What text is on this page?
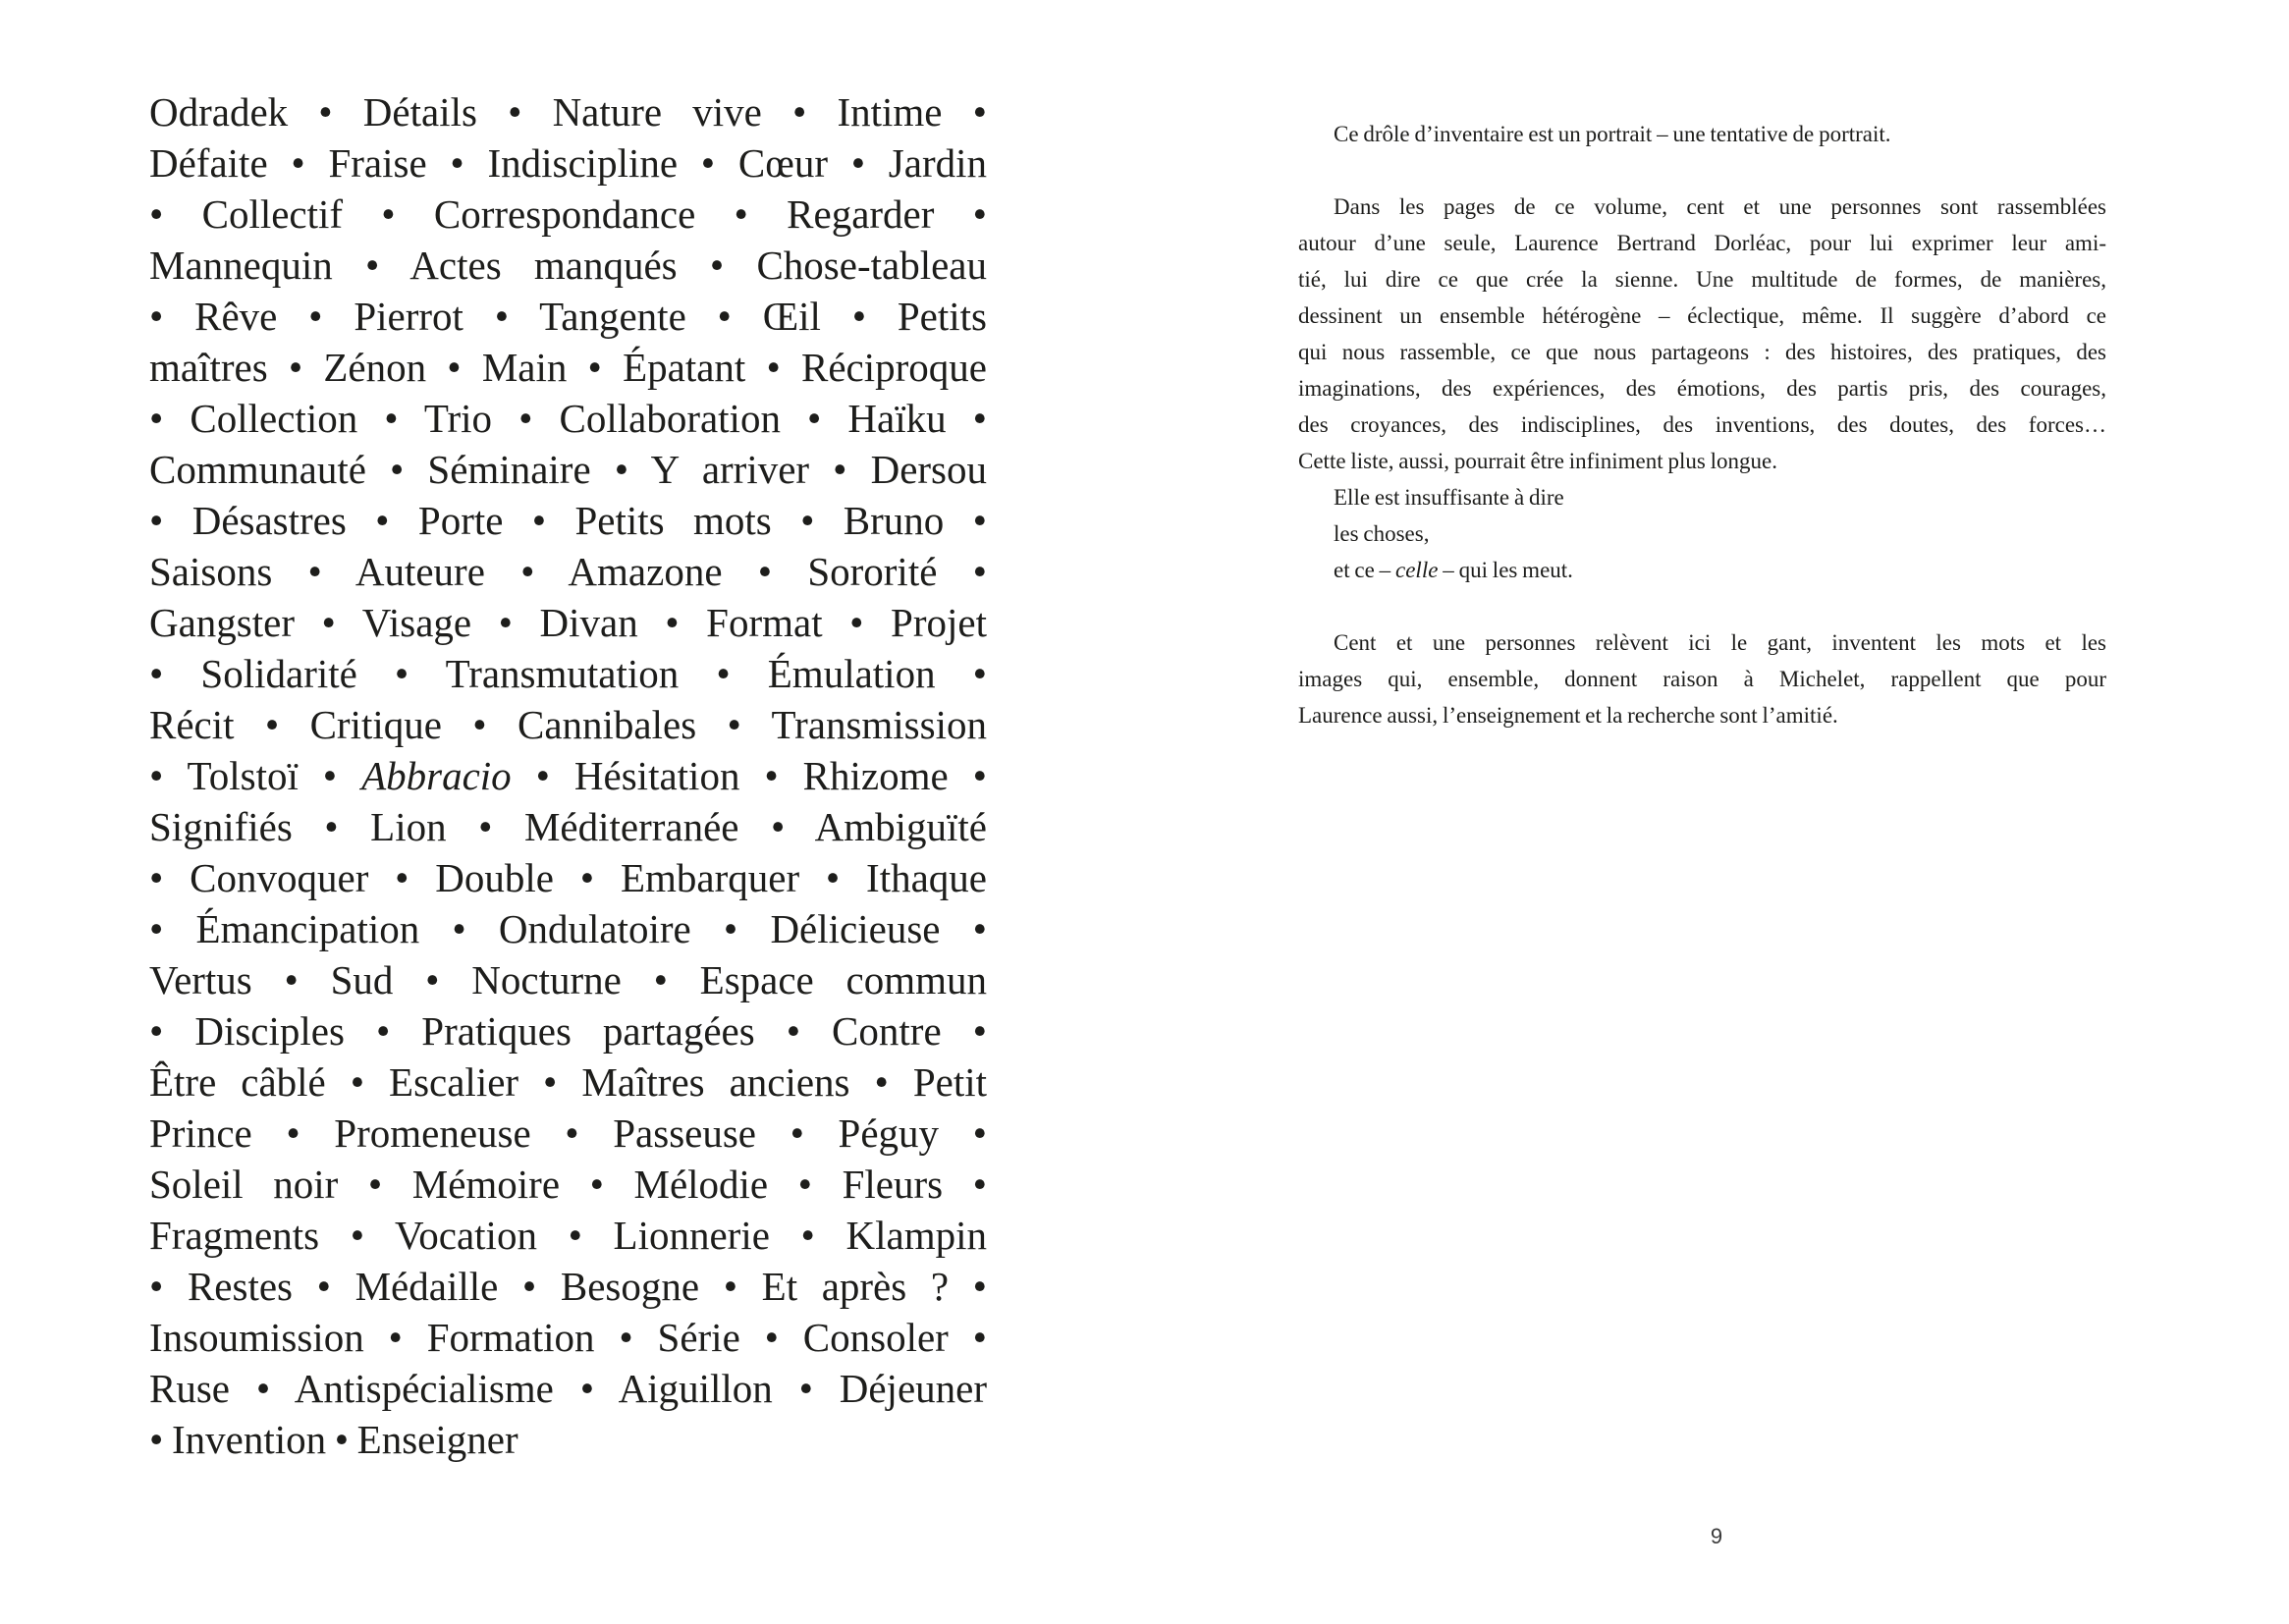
Odradek • Détails • Nature vive • Intime •
Défaite • Fraise • Indiscipline • Cœur • Jardin
• Collectif • Correspondance • Regarder •
Mannequin • Actes manqués • Chose-tableau
• Rêve • Pierrot • Tangente • Œil • Petits
maîtres • Zénon • Main • Épatant • Réciproque
• Collection • Trio • Collaboration • Haïku •
Communauté • Séminaire • Y arriver • Dersou
• Désastres • Porte • Petits mots • Bruno •
Saisons • Auteure • Amazone • Sororité •
Gangster • Visage • Divan • Format • Projet
• Solidarité • Transmutation • Émulation •
Récit • Critique • Cannibales • Transmission
• Tolstoï • Abbracio • Hésitation • Rhizome •
Signifiés • Lion • Méditerranée • Ambiguïté
• Convoquer • Double • Embarquer • Ithaque
• Émancipation • Ondulatoire • Délicieuse •
Vertus • Sud • Nocturne • Espace commun
• Disciples • Pratiques partagées • Contre •
Être câblé • Escalier • Maîtres anciens • Petit
Prince • Promeneuse • Passeuse • Péguy •
Soleil noir • Mémoire • Mélodie • Fleurs •
Fragments • Vocation • Lionnerie • Klampin
• Restes • Médaille • Besogne • Et après ? •
Insoumission • Formation • Série • Consoler •
Ruse • Antispécialisme • Aiguillon • Déjeuner
• Invention • Enseigner
Ce drôle d’inventaire est un portrait – une tentative de portrait.
Dans les pages de ce volume, cent et une personnes sont rassemblées
autour d’une seule, Laurence Bertrand Dorléac, pour lui exprimer leur ami-
tié, lui dire ce que crée la sienne. Une multitude de formes, de manières,
dessinent un ensemble hétérogène – éclectique, même. Il suggère d’abord ce
qui nous rassemble, ce que nous partageons : des histoires, des pratiques, des
imaginations, des expériences, des émotions, des partis pris, des courages,
des croyances, des indisciplines, des inventions, des doutes, des forces…
Cette liste, aussi, pourrait être infiniment plus longue.
Elle est insuffisante à dire
les choses,
et ce – celle – qui les meut.
Cent et une personnes relèvent ici le gant, inventent les mots et les
images qui, ensemble, donnent raison à Michelet, rappellent que pour
Laurence aussi, l’enseignement et la recherche sont l’amitié.
9
